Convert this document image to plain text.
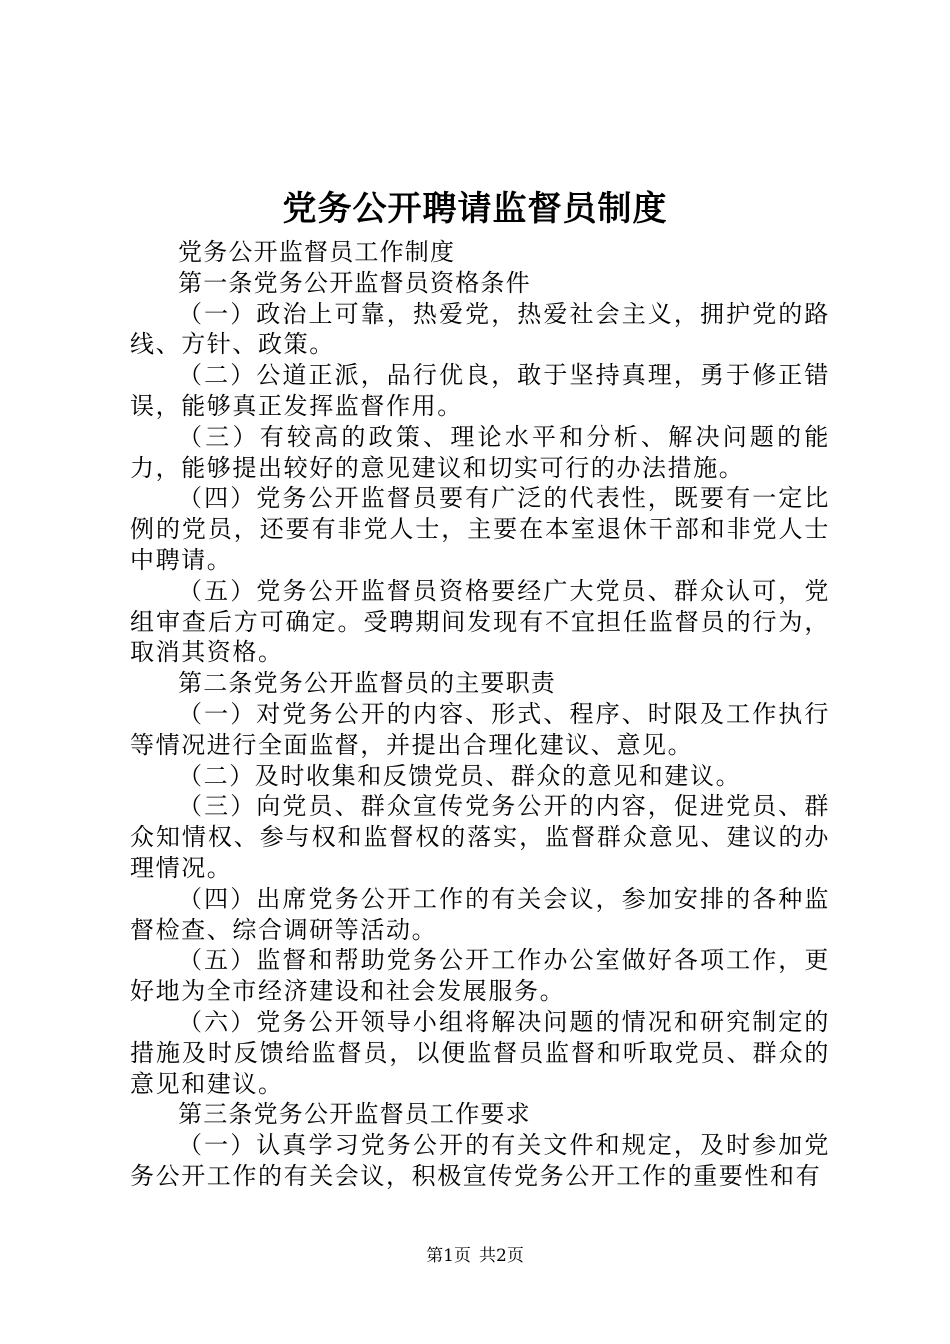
党务公开聘请监督员制度

党务公开监督员工作制度

第一条党务公开监督员资格条件

（一）政治上可靠，热爱党，热爱社会主义，拥护党的路线、方针、政策。

（二）公道正派，品行优良，敢于坚持真理，勇于修正错误，能够真正发挥监督作用。

（三）有较高的政策、理论水平和分析、解决问题的能力，能够提出较好的意见建议和切实可行的办法措施。

（四）党务公开监督员要有广泛的代表性，既要有一定比例的党员，还要有非党人士，主要在本室退休干部和非党人士中聘请。

（五）党务公开监督员资格要经广大党员、群众认可，党组审查后方可确定。受聘期间发现有不宜担任监督员的行为，取消其资格。

第二条党务公开监督员的主要职责

（一）对党务公开的内容、形式、程序、时限及工作执行等情况进行全面监督，并提出合理化建议、意见。

（二）及时收集和反馈党员、群众的意见和建议。

（三）向党员、群众宣传党务公开的内容，促进党员、群众知情权、参与权和监督权的落实，监督群众意见、建议的办理情况。

（四）出席党务公开工作的有关会议，参加安排的各种监督检查、综合调研等活动。

（五）监督和帮助党务公开工作办公室做好各项工作，更好地为全市经济建设和社会发展服务。

（六）党务公开领导小组将解决问题的情况和研究制定的措施及时反馈给监督员，以便监督员监督和听取党员、群众的意见和建议。

第三条党务公开监督员工作要求

（一）认真学习党务公开的有关文件和规定，及时参加党务公开工作的有关会议，积极宣传党务公开工作的重要性和有

第1页 共2页
